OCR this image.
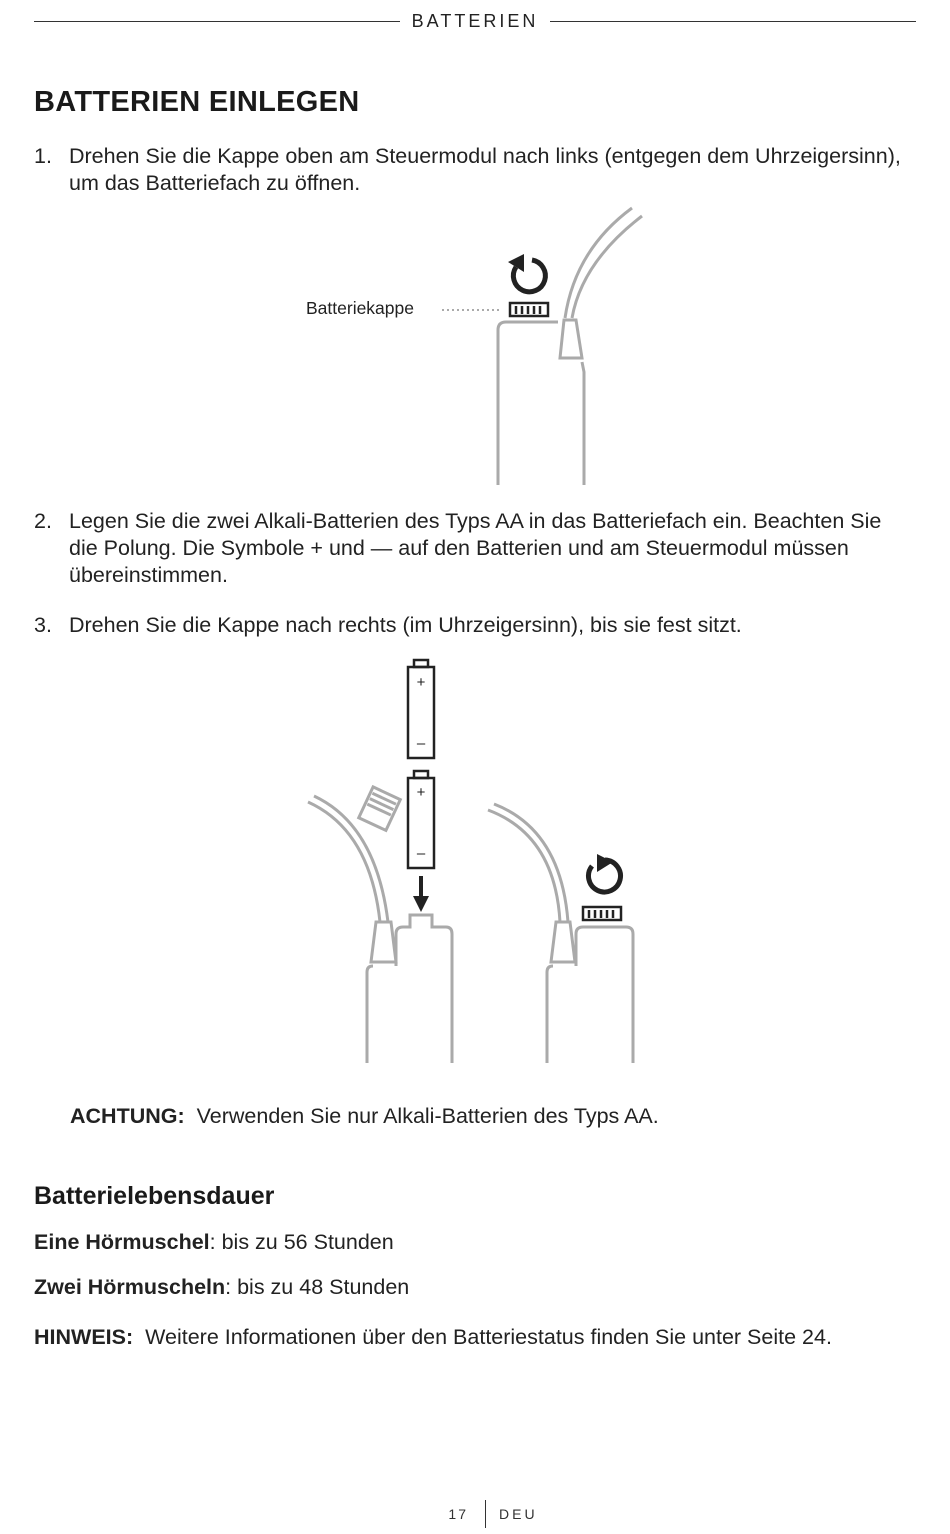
BATTERIEN
BATTERIEN EINLEGEN
1. Drehen Sie die Kappe oben am Steuermodul nach links (entgegen dem Uhrzeigersinn), um das Batteriefach zu öffnen.
Batteriekappe
2. Legen Sie die zwei Alkali-Batterien des Typs AA in das Batteriefach ein. Beachten Sie die Polung. Die Symbole + und — auf den Batterien und am Steuermodul müssen übereinstimmen.
3. Drehen Sie die Kappe nach rechts (im Uhrzeigersinn), bis sie fest sitzt.
+
–
+
–
ACHTUNG: Verwenden Sie nur Alkali-Batterien des Typs AA.
Batterielebensdauer
Eine Hörmuschel: bis zu 56 Stunden
Zwei Hörmuscheln: bis zu 48 Stunden
HINWEIS: Weitere Informationen über den Batteriestatus finden Sie unter Seite 24.
17 DEU
